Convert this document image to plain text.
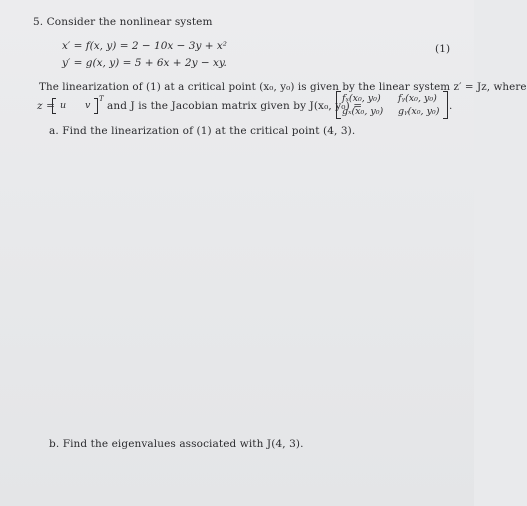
5. Consider the nonlinear system
x′ = f(x, y) = 2 − 10x − 3y + x²
y′ = g(x, y) = 5 + 6x + 2y − xy.
(1)
The linearization of (1) at a critical point (x₀, y₀) is given by the linear system z′ = Jz, where
z = u v
T
and J is the Jacobian matrix given by J(x₀, y₀) =
fₓ(x₀, y₀) fᵧ(x₀, y₀)
gₓ(x₀, y₀) gᵧ(x₀, y₀) .
a. Find the linearization of (1) at the critical point (4, 3).
b. Find the eigenvalues associated with J(4, 3).
